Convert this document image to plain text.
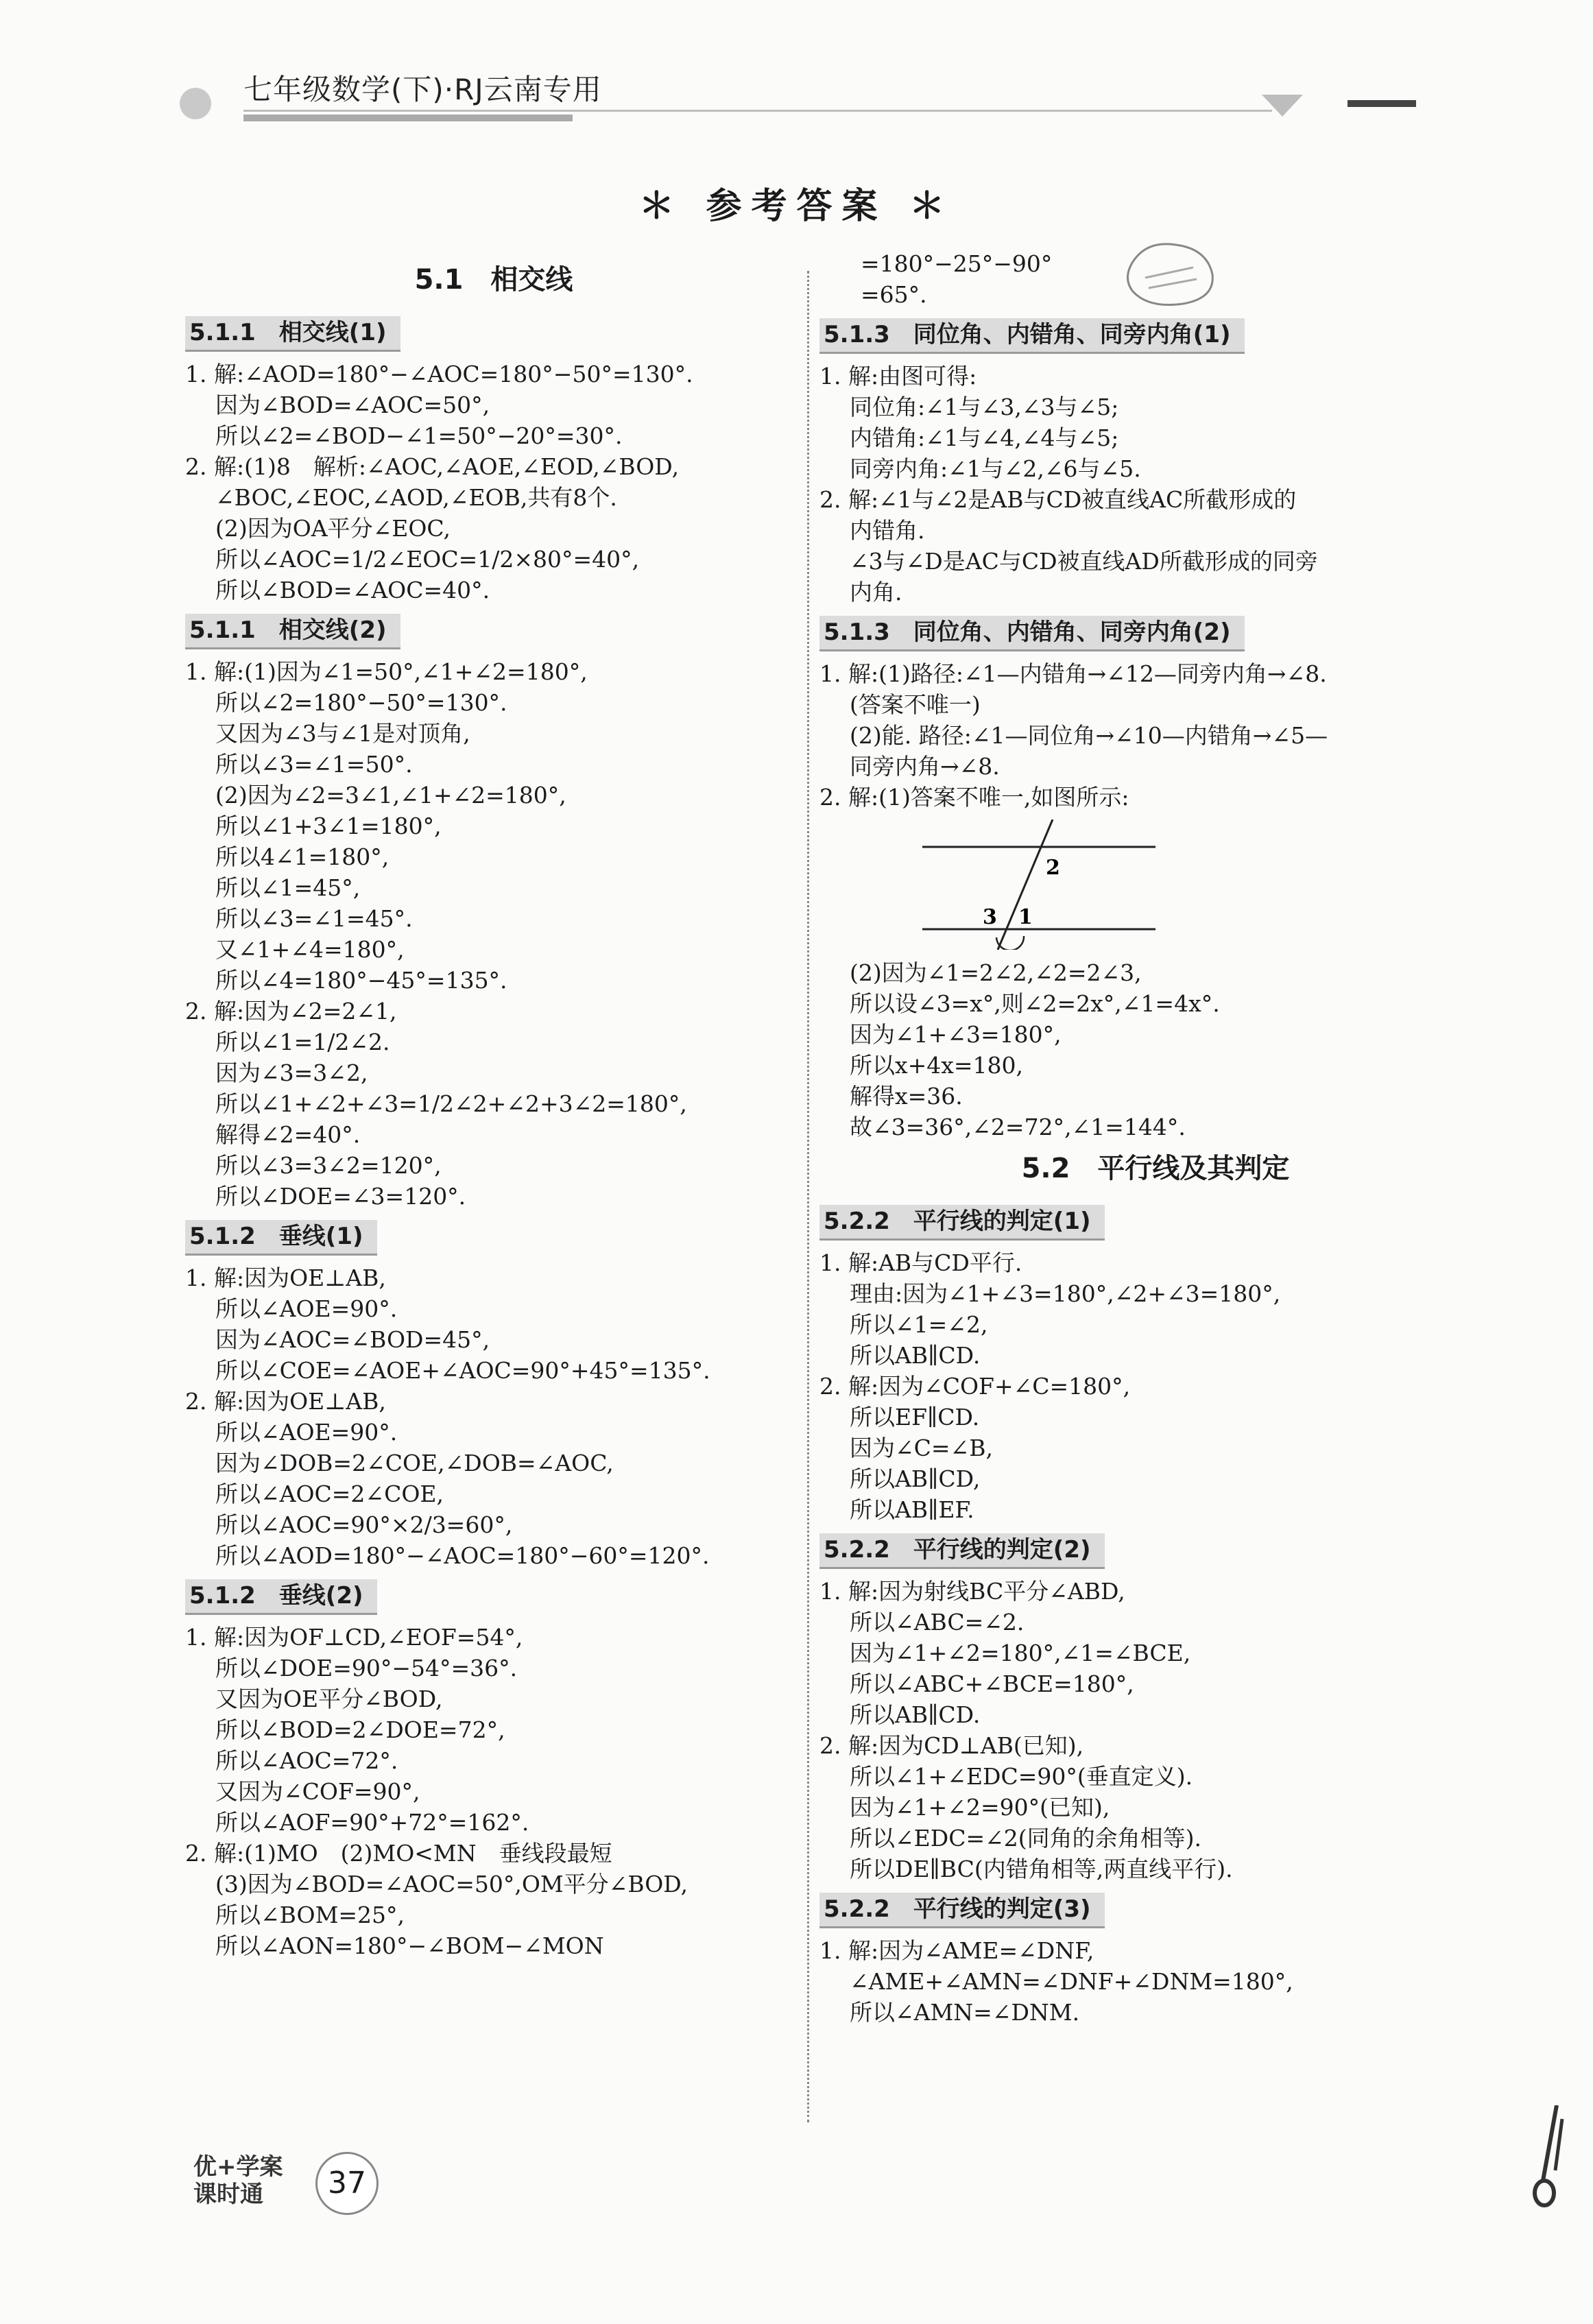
七年级数学(下)·RJ云南专用
＊ 参考答案 ＊
5.1　相交线
5.1.1　相交线(1)
1. 解:∠AOD=180°−∠AOC=180°−50°=130°.
因为∠BOD=∠AOC=50°,
所以∠2=∠BOD−∠1=50°−20°=30°.
2. 解:(1)8　解析:∠AOC,∠AOE,∠EOD,∠BOD,
∠BOC,∠EOC,∠AOD,∠EOB,共有8个.
(2)因为OA平分∠EOC,
所以∠AOC=1/2∠EOC=1/2×80°=40°,
所以∠BOD=∠AOC=40°.
5.1.1　相交线(2)
1. 解:(1)因为∠1=50°,∠1+∠2=180°,
所以∠2=180°−50°=130°.
又因为∠3与∠1是对顶角,
所以∠3=∠1=50°.
(2)因为∠2=3∠1,∠1+∠2=180°,
所以∠1+3∠1=180°,
所以4∠1=180°,
所以∠1=45°,
所以∠3=∠1=45°.
又∠1+∠4=180°,
所以∠4=180°−45°=135°.
2. 解:因为∠2=2∠1,
所以∠1=1/2∠2.
因为∠3=3∠2,
所以∠1+∠2+∠3=1/2∠2+∠2+3∠2=180°,
解得∠2=40°.
所以∠3=3∠2=120°,
所以∠DOE=∠3=120°.
5.1.2　垂线(1)
1. 解:因为OE⊥AB,
所以∠AOE=90°.
因为∠AOC=∠BOD=45°,
所以∠COE=∠AOE+∠AOC=90°+45°=135°.
2. 解:因为OE⊥AB,
所以∠AOE=90°.
因为∠DOB=2∠COE,∠DOB=∠AOC,
所以∠AOC=2∠COE,
所以∠AOC=90°×2/3=60°,
所以∠AOD=180°−∠AOC=180°−60°=120°.
5.1.2　垂线(2)
1. 解:因为OF⊥CD,∠EOF=54°,
所以∠DOE=90°−54°=36°.
又因为OE平分∠BOD,
所以∠BOD=2∠DOE=72°,
所以∠AOC=72°.
又因为∠COF=90°,
所以∠AOF=90°+72°=162°.
2. 解:(1)MO　(2)MO<MN　垂线段最短
(3)因为∠BOD=∠AOC=50°,OM平分∠BOD,
所以∠BOM=25°,
所以∠AON=180°−∠BOM−∠MON
=180°−25°−90°
=65°.
5.1.3　同位角、内错角、同旁内角(1)
1. 解:由图可得:
同位角:∠1与∠3,∠3与∠5;
内错角:∠1与∠4,∠4与∠5;
同旁内角:∠1与∠2,∠6与∠5.
2. 解:∠1与∠2是AB与CD被直线AC所截形成的
内错角.
∠3与∠D是AC与CD被直线AD所截形成的同旁
内角.
5.1.3　同位角、内错角、同旁内角(2)
1. 解:(1)路径:∠1—内错角→∠12—同旁内角→∠8.
(答案不唯一)
(2)能. 路径:∠1—同位角→∠10—内错角→∠5—
同旁内角→∠8.
2. 解:(1)答案不唯一,如图所示:
2
3 1
(2)因为∠1=2∠2,∠2=2∠3,
所以设∠3=x°,则∠2=2x°,∠1=4x°.
因为∠1+∠3=180°,
所以x+4x=180,
解得x=36.
故∠3=36°,∠2=72°,∠1=144°.
5.2　平行线及其判定
5.2.2　平行线的判定(1)
1. 解:AB与CD平行.
理由:因为∠1+∠3=180°,∠2+∠3=180°,
所以∠1=∠2,
所以AB∥CD.
2. 解:因为∠COF+∠C=180°,
所以EF∥CD.
因为∠C=∠B,
所以AB∥CD,
所以AB∥EF.
5.2.2　平行线的判定(2)
1. 解:因为射线BC平分∠ABD,
所以∠ABC=∠2.
因为∠1+∠2=180°,∠1=∠BCE,
所以∠ABC+∠BCE=180°,
所以AB∥CD.
2. 解:因为CD⊥AB(已知),
所以∠1+∠EDC=90°(垂直定义).
因为∠1+∠2=90°(已知),
所以∠EDC=∠2(同角的余角相等).
所以DE∥BC(内错角相等,两直线平行).
5.2.2　平行线的判定(3)
1. 解:因为∠AME=∠DNF,
∠AME+∠AMN=∠DNF+∠DNM=180°,
所以∠AMN=∠DNM.
优+学案
课时通	37
